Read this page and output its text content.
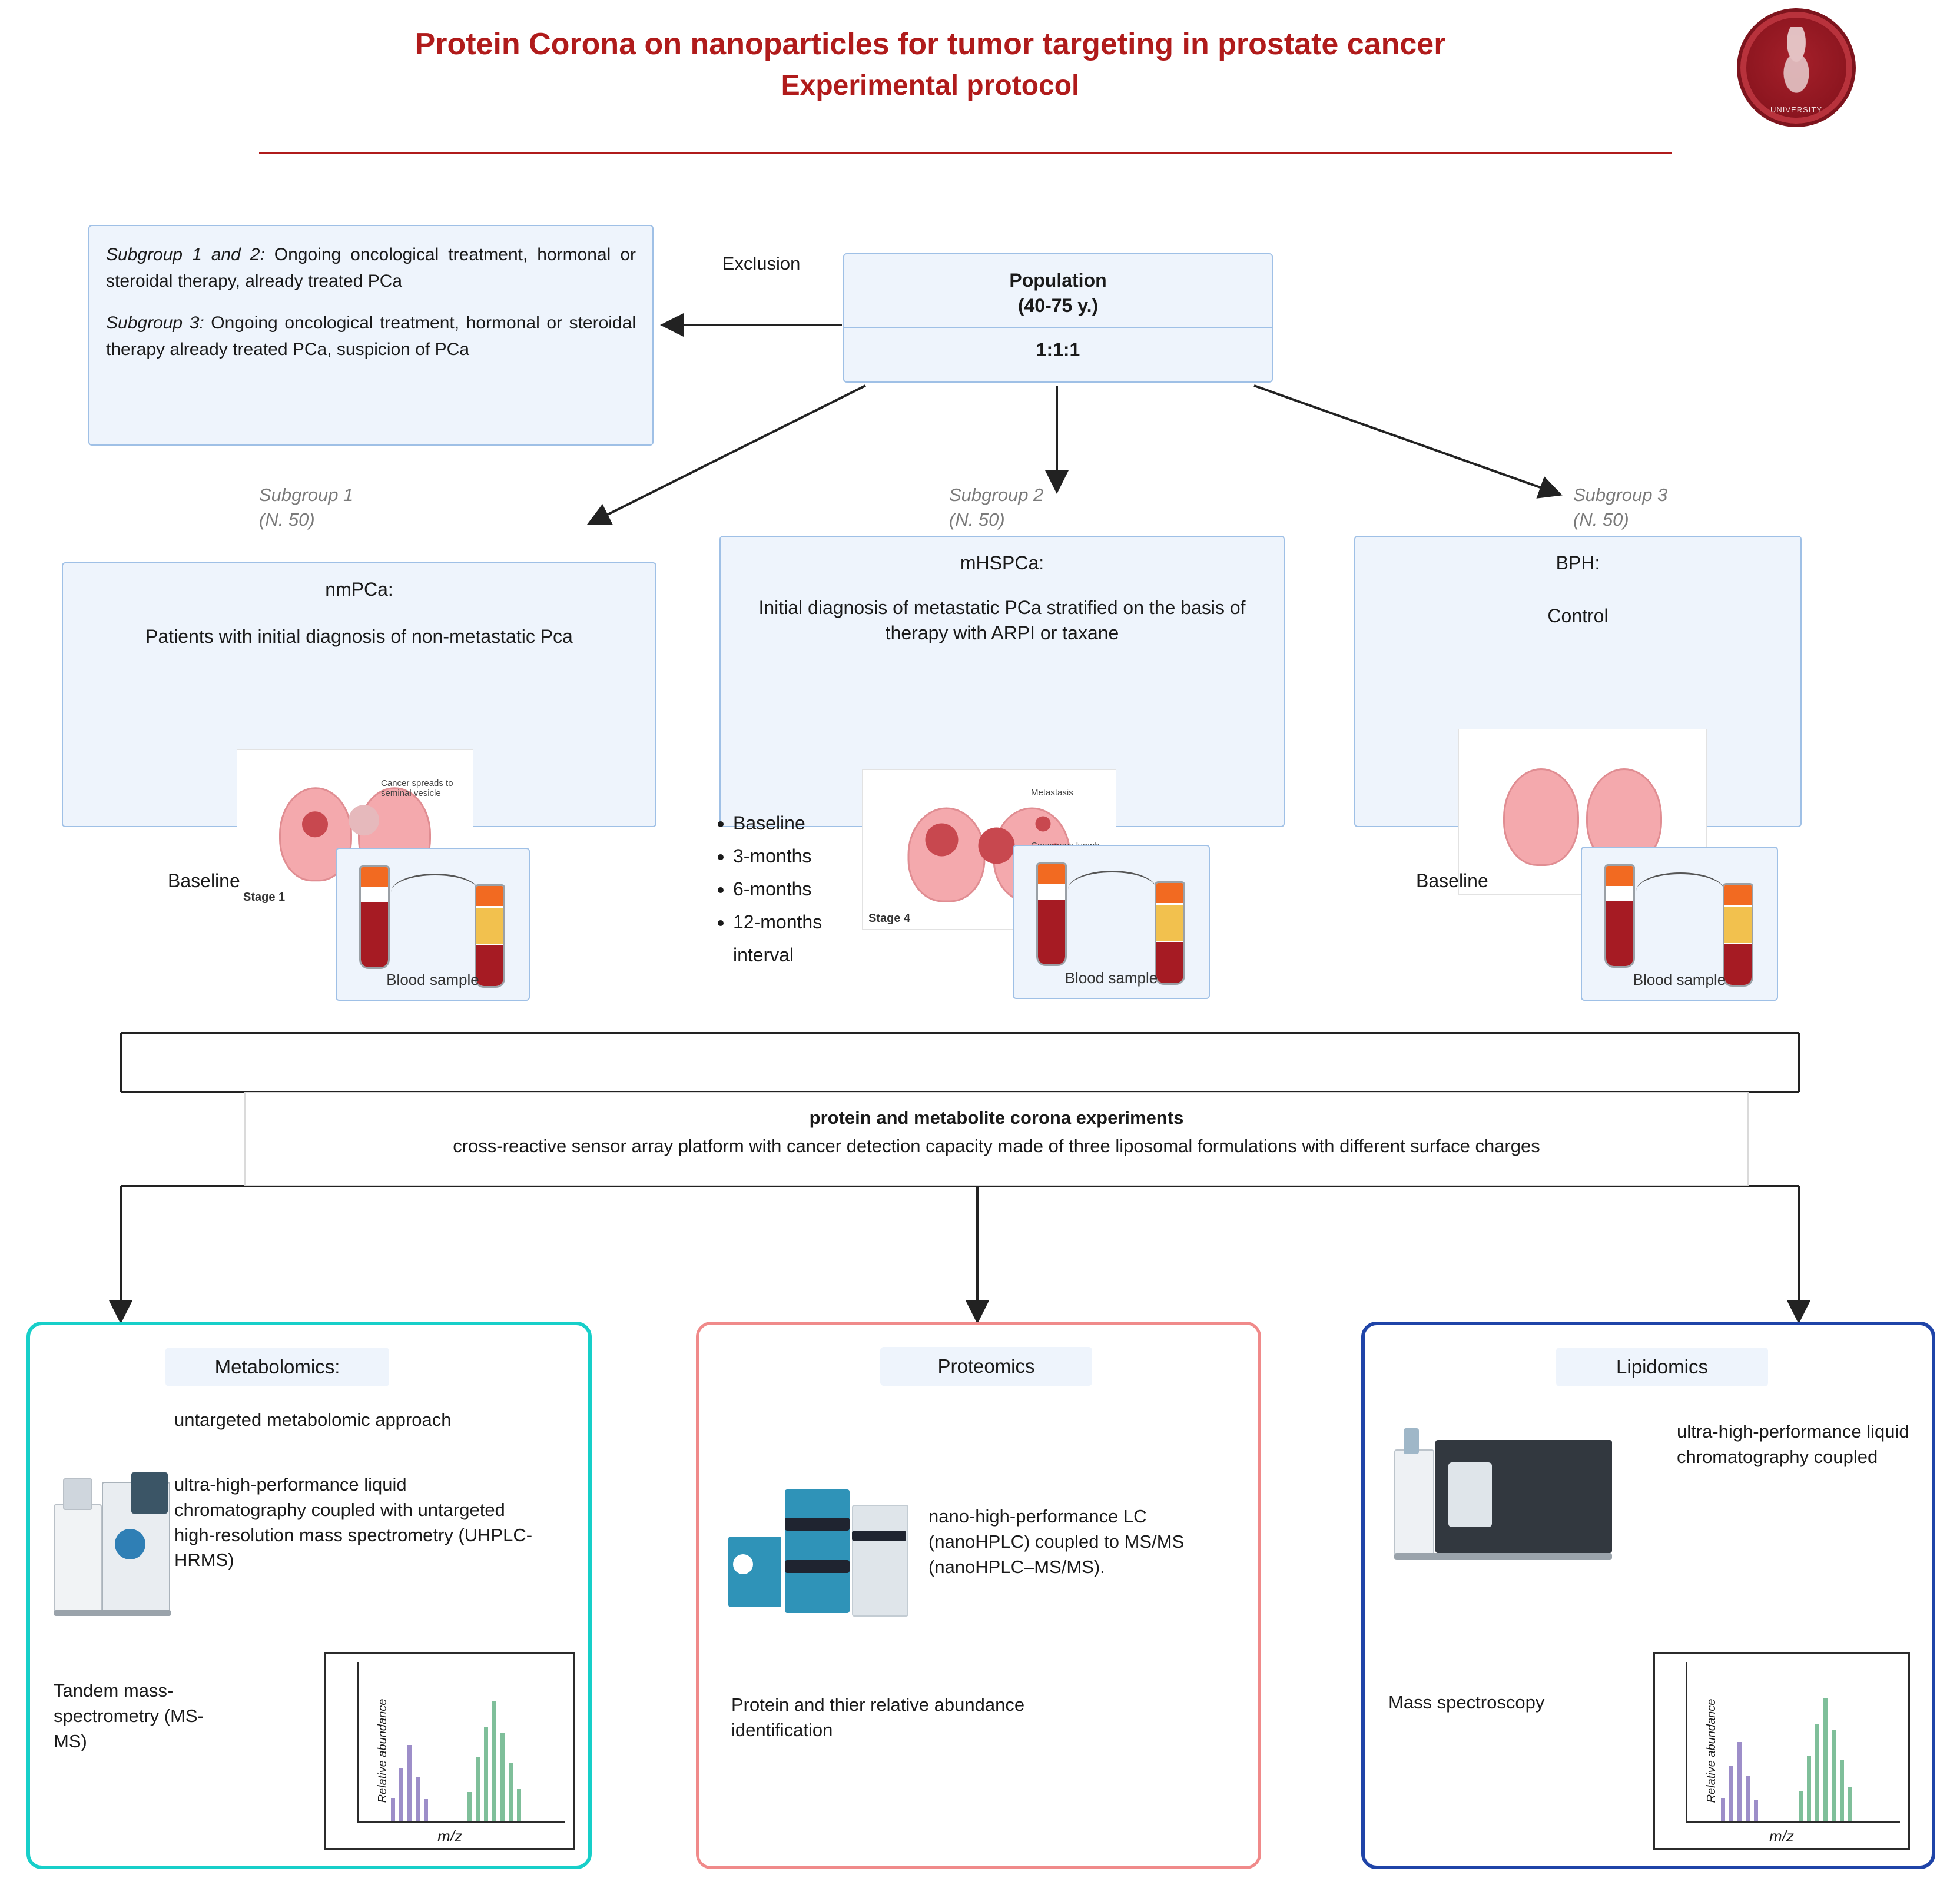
Protein Corona on nanoparticles for tumor targeting in prostate cancer
Experimental protocol
UNIVERSITY

Subgroup 1 and 2: Ongoing oncological treatment, hormonal or steroidal therapy, already treated PCa

Subgroup 3: Ongoing oncological treatment, hormonal or steroidal therapy already treated PCa, suspicion of PCa

Exclusion
Population
(40-75 y.)
1:1:1
Subgroup 1
(N. 50)
Subgroup 2
(N. 50)
Subgroup 3
(N. 50)
nmPCa:
Patients with initial diagnosis of non-metastatic Pca
Cancer spreads to seminal vesicle
Stage 1
mHSPCa:
Initial diagnosis of metastatic PCa stratified on the basis of therapy with ARPI or taxane
Metastasis
Stage 4
BPH:
Control
Baseline
Blood sample
• Baseline
• 3-months
• 6-months
• 12-months
interval
Blood sample
Baseline
Blood sample
protein and metabolite corona experiments
cross-reactive sensor array platform with cancer detection capacity made of three liposomal formulations with different surface charges
Metabolomics:
untargeted metabolomic approach
ultra-high-performance liquid chromatography coupled with untargeted high-resolution mass spectrometry (UHPLC-HRMS)
Tandem mass-spectrometry (MS-MS)	Relative abundance
m/z
Proteomics
nano-high-performance LC (nanoHPLC) coupled to MS/MS (nanoHPLC–MS/MS).
Protein and thier relative abundance identification
Lipidomics
ultra-high-performance liquid chromatography coupled
Mass spectroscopy	Relative abundance
m/z
